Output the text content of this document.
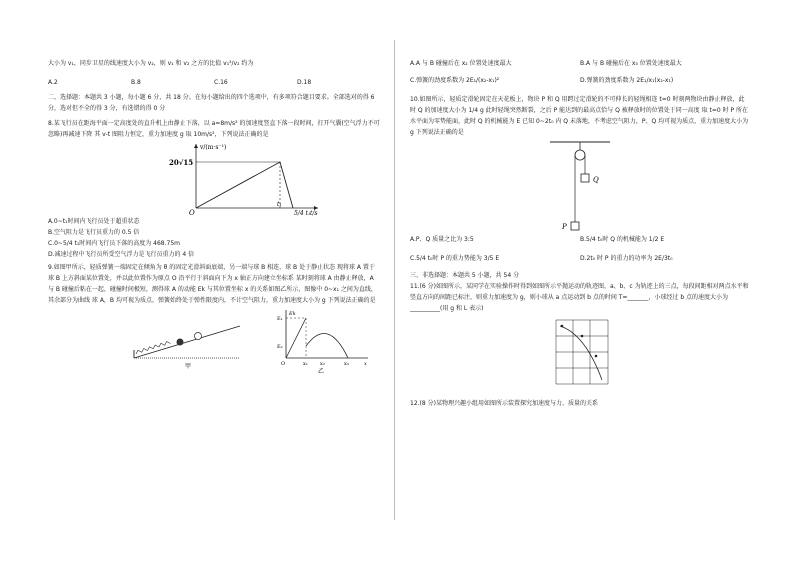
大小为 v₁，同步卫星的线速度大小为 v₂，则 v₁ 和 v₂ 之方的比值 v₁²/v₂ 约为

A.2	B.8	C.16	D.18

二、选择题：本题共 3 小题，每小题 6 分，共 18 分。在每小题给出的四个选项中，有多项符合题目要求。全部选对的得 6 分，选对但不全的得 3 分，有选错的得 0 分

8.某飞行员在距海平面一定高度处的直升机上由静止下落，以 a=8m/s² 的加速度竖直下落一段时间，打开气囊(空气浮力不可忽略)再减速下降 其 v-t 图阻力恒定，重力加速度 g 取 10m/s²，下列说法正确的是

v/(m·s⁻¹)
20√15
O
t₁
5/4 t₁ t/s

A.0~t₁时间内飞行员处于超重状态

B.空气阻力是飞行员重力的 0.5 倍

C.0~5/4 t₁时间内飞行员下落的高度为 468.75m

D.减速过程中飞行员所受空气浮力是飞行员重力的 4 倍

9.如图甲所示，轻质弹簧一端固定在倾角为 θ 的固定光滑斜面底端，另一端与球 B 相连，球 B 处于静止状态 现将球 A 置于球 B 上方斜面某位置处，并以此位置作为原点 O 沿平行于斜面向下为 x 轴正方向建立坐标系 某时刻将球 A 由静止释放，A 与 B 碰撞后粘在一起，碰撞时间极短，测得球 A 的动能 Ek 与其位置坐标 x 的关系如图乙所示，图像中 0~x₁ 之间为直线，其余部分为曲线 球 A，B 均可视为质点，弹簧始终处于弹性限度内，不计空气阻力，重力加速度大小为 g 下列说法正确的是

甲
Ek
E₁
E₂
O	x₁ x₂	x₃	x
乙
A.A 与 B 碰撞后在 x₂ 位置处速度最大	B.A 与 B 碰撞后在 x₃ 位置处速度最大
C.弹簧的劲度系数为 2E₁/(x₂-x₁)²	D.弹簧的劲度系数为 2E₁/x₁(x₂-x₁)

10.如图所示，轻质定滑轮固定在天花板上，物块 P 和 Q 用跨过定滑轮的不可伸长的轻绳相连 t=0 时刻两物块由静止释放，此时 Q 的加速度大小为 1/4 g 此时轻绳突然断裂，之后 P 能达到的最高点恰与 Q 被释放时的位置处于同一高度 取 t=0 时 P 所在水平面为零势能面，此时 Q 的机械能为 E 已知 0~2t₀ 内 Q 未落地，不考虑空气阻力，P、Q 均可视为质点，重力加速度大小为 g 下列说法正确的是

Q
P
A.P、Q 质量之比为 3:5	B.5/4 t₀时 Q 的机械能为 1/2 E
C.5/4 t₀时 P 的重力势能为 3/5 E	D.2t₀ 时 P 的重力的功率为 2E/3t₀

三、非选择题：本题共 5 小题，共 54 分

11.(6 分)如图所示，某同学在实验操作时得到如图所示平抛运动的轨迹图，a、b、c 为轨迹上的三点，每段间距相对两点水平和竖直方向的间距已标注，则重力加速度为 g，则小球从 a 点运动到 b 点的时间 T=_______，小球经过 b 点的速度大小为__________(用 g 和 L 表示)

12.(8 分)某物理兴趣小组用如图所示装置探究加速度与力、质量的关系
